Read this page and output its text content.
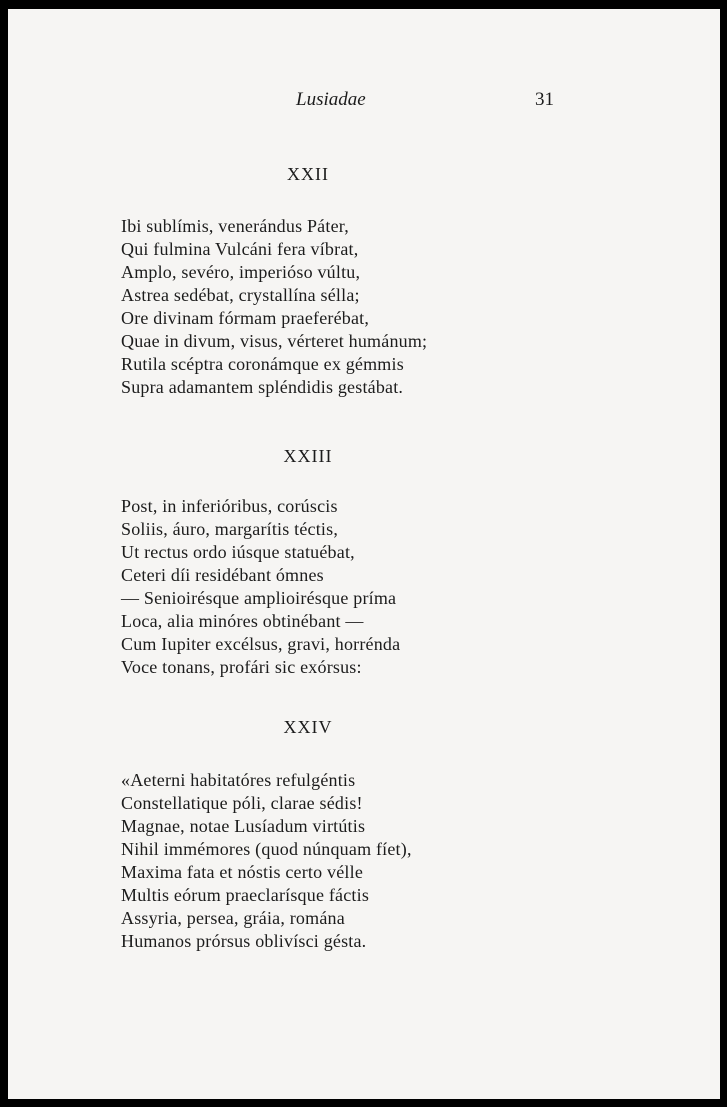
Lusiadae	31
XXII
Ibi sublímis, venerándus Páter,
Qui fulmina Vulcáni fera víbrat,
Amplo, sevéro, imperióso vúltu,
Astrea sedébat, crystallína sélla;
Ore divinam fórmam praeferébat,
Quae in divum, visus, vérteret humánum;
Rutila scéptra coronámque ex gémmis
Supra adamantem spléndidis gestábat.
XXIII
Post, in inferióribus, corúscis
Soliis, áuro, margarítis téctis,
Ut rectus ordo iúsque statuébat,
Ceteri díi residébant ómnes
— Senioirésque amplioirésque príma
Loca, alia minóres obtinébant —
Cum Iupiter excélsus, gravi, horrénda
Voce tonans, profári sic exórsus:
XXIV
«Aeterni habitatóres refulgéntis
Constellatique póli, clarae sédis!
Magnae, notae Lusíadum virtútis
Nihil immémores (quod núnquam fíet),
Maxima fata et nóstis certo vélle
Multis eórum praeclarísque fáctis
Assyria, persea, gráia, romána
Humanos prórsus oblivísci gésta.
